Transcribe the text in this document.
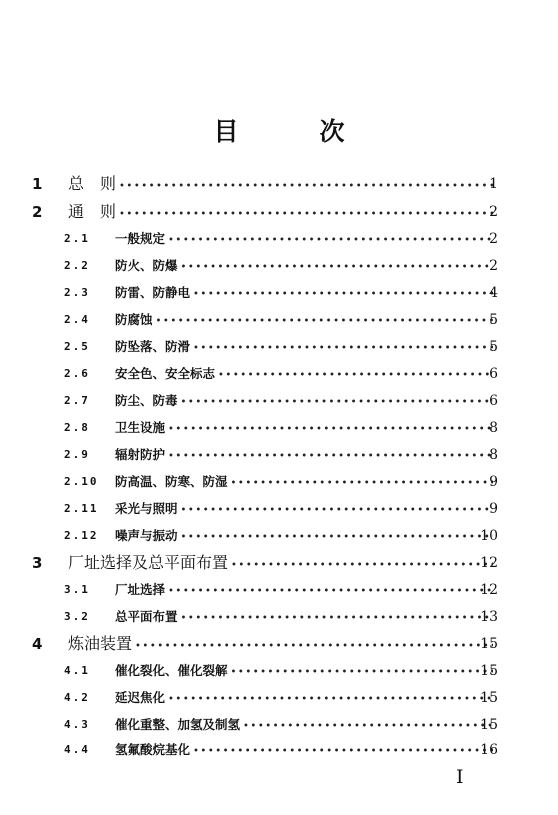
目　次
1 总　则 •••••	1
2 通　则 •••••	2
2.1 一般规定 •••••	2
2.2 防火、防爆 •••••	2
2.3 防雷、防静电 •••••	4
2.4 防腐蚀 •••••	5
2.5 防坠落、防滑 •••••	5
2.6 安全色、安全标志 •••••	6
2.7 防尘、防毒 •••••	6
2.8 卫生设施 •••••	8
2.9 辐射防护 •••••	8
2.10 防高温、防寒、防湿 •••••	9
2.11 采光与照明 •••••	9
2.12 噪声与振动 •••••	10
3 厂址选择及总平面布置 •••••	12
3.1 厂址选择 •••••	12
3.2 总平面布置 •••••	13
4 炼油装置 •••••	15
4.1 催化裂化、催化裂解 •••••	15
4.2 延迟焦化 •••••	15
4.3 催化重整、加氢及制氢 •••••	15
4.4 氢氟酸烷基化 •••••	16
I
